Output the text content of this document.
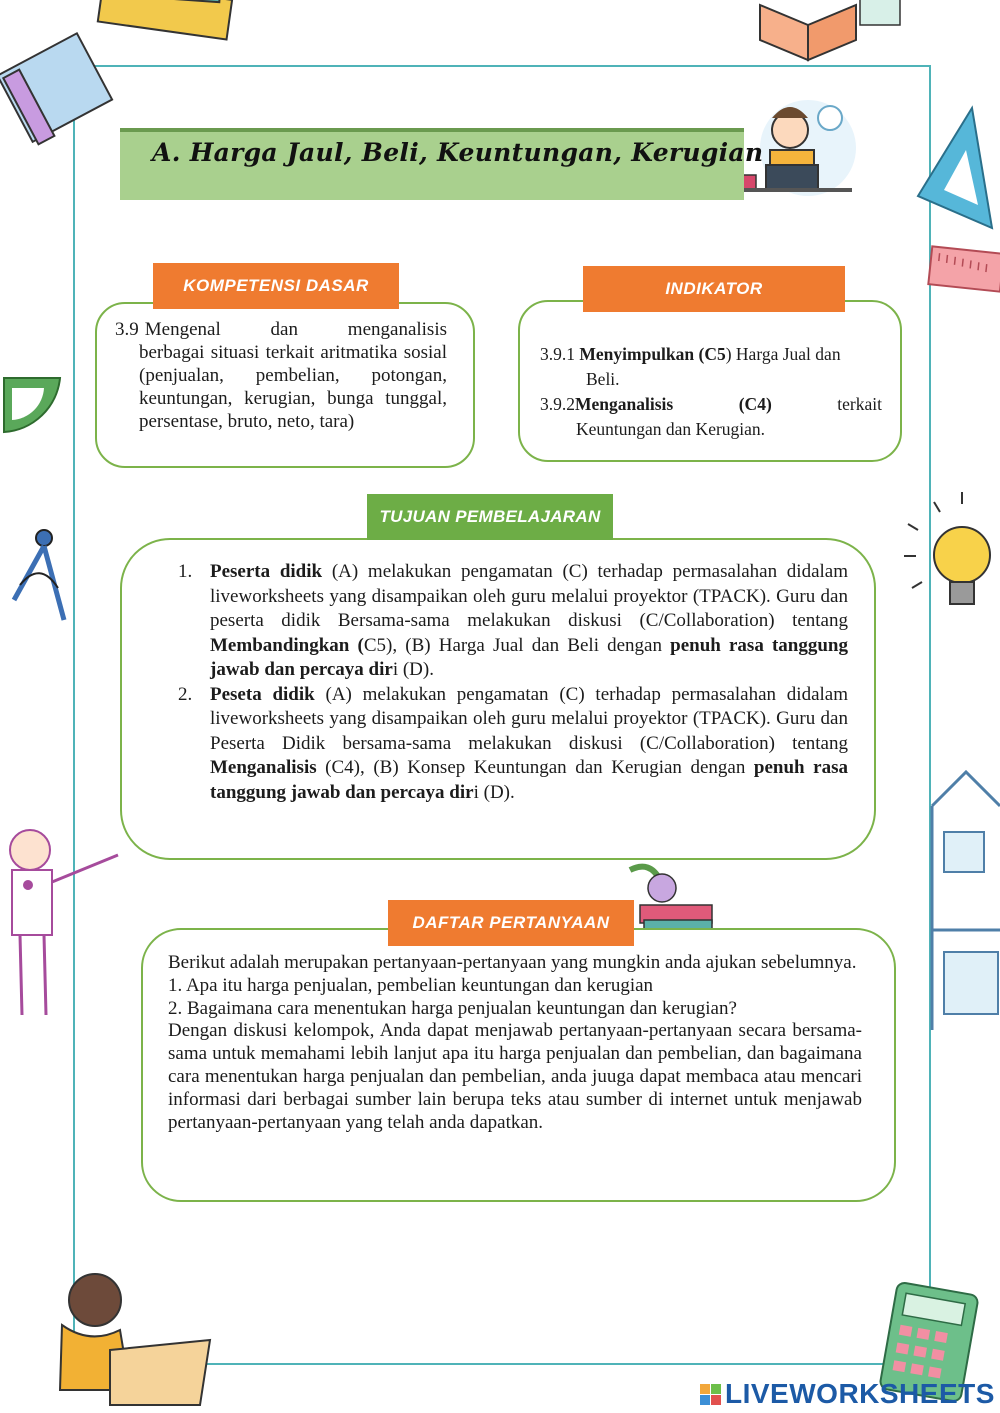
A. Harga Jaul, Beli, Keuntungan, Kerugian
KOMPETENSI DASAR
3.9 Mengenal dan menganalisis
berbagai situasi terkait aritmatika sosial (penjualan, pembelian, potongan, keuntungan, kerugian, bunga tunggal, persentase, bruto, neto, tara)
INDIKATOR
3.9.1 Menyimpulkan (C5) Harga Jual dan
Beli.
3.9.2Menganalisis	(C4)	terkait
Keuntungan dan Kerugian.
TUJUAN PEMBELAJARAN
1. Peserta didik (A) melakukan pengamatan (C) terhadap permasalahan didalam liveworksheets yang disampaikan oleh guru melalui proyektor (TPACK). Guru dan peserta didik Bersama-sama melakukan diskusi (C/Collaboration) tentang Membandingkan (C5), (B) Harga Jual dan Beli dengan penuh rasa tanggung jawab dan percaya diri (D).
2. Peseta didik (A) melakukan pengamatan (C) terhadap permasalahan didalam liveworksheets yang disampaikan oleh guru melalui proyektor (TPACK). Guru dan Peserta Didik bersama-sama melakukan diskusi (C/Collaboration) tentang Menganalisis (C4), (B) Konsep Keuntungan dan Kerugian dengan penuh rasa tanggung jawab dan percaya diri (D).
DAFTAR PERTANYAAN
Berikut adalah merupakan pertanyaan-pertanyaan yang mungkin anda ajukan sebelumnya.
1. Apa itu harga penjualan, pembelian keuntungan dan kerugian
2. Bagaimana cara menentukan harga penjualan keuntungan dan kerugian?
Dengan diskusi kelompok, Anda dapat menjawab pertanyaan-pertanyaan secara bersama-sama untuk memahami lebih lanjut apa itu harga penjualan dan pembelian, dan bagaimana cara menentukan harga penjualan dan pembelian, anda juuga dapat membaca atau mencari informasi dari berbagai sumber lain berupa teks atau sumber di internet untuk menjawab pertanyaan-pertanyaan yang telah anda dapatkan.
LIVEWORKSHEETS
